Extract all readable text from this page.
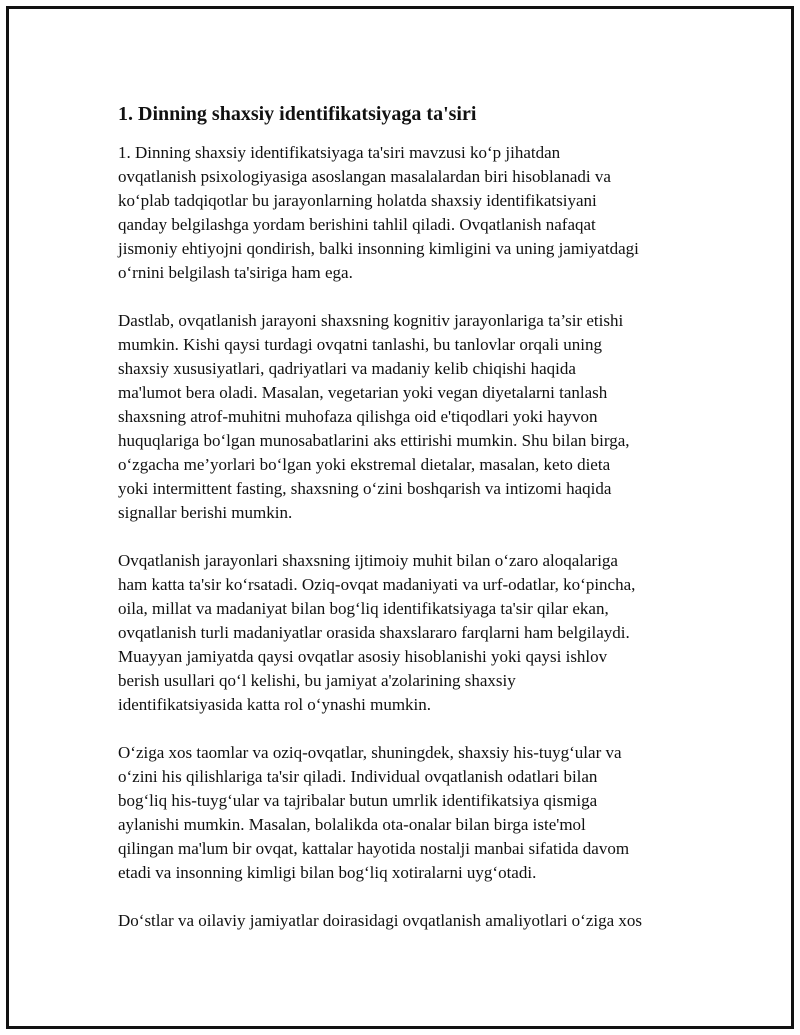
1. Dinning shaxsiy identifikatsiyaga ta'siri

1. Dinning shaxsiy identifikatsiyaga ta'siri mavzusi ko‘p jihatdan
ovqatlanish psixologiyasiga asoslangan masalalardan biri hisoblanadi va
ko‘plab tadqiqotlar bu jarayonlarning holatda shaxsiy identifikatsiyani
qanday belgilashga yordam berishini tahlil qiladi. Ovqatlanish nafaqat
jismoniy ehtiyojni qondirish, balki insonning kimligini va uning jamiyatdagi
o‘rnini belgilash ta'siriga ham ega.

Dastlab, ovqatlanish jarayoni shaxsning kognitiv jarayonlariga ta’sir etishi
mumkin. Kishi qaysi turdagi ovqatni tanlashi, bu tanlovlar orqali uning
shaxsiy xususiyatlari, qadriyatlari va madaniy kelib chiqishi haqida
ma'lumot bera oladi. Masalan, vegetarian yoki vegan diyetalarni tanlash
shaxsning atrof-muhitni muhofaza qilishga oid e'tiqodlari yoki hayvon
huquqlariga bo‘lgan munosabatlarini aks ettirishi mumkin. Shu bilan birga,
o‘zgacha me’yorlari bo‘lgan yoki ekstremal dietalar, masalan, keto dieta
yoki intermittent fasting, shaxsning o‘zini boshqarish va intizomi haqida
signallar berishi mumkin.

Ovqatlanish jarayonlari shaxsning ijtimoiy muhit bilan o‘zaro aloqalariga
ham katta ta'sir ko‘rsatadi. Oziq-ovqat madaniyati va urf-odatlar, ko‘pincha,
oila, millat va madaniyat bilan bog‘liq identifikatsiyaga ta'sir qilar ekan,
ovqatlanish turli madaniyatlar orasida shaxslararo farqlarni ham belgilaydi.
Muayyan jamiyatda qaysi ovqatlar asosiy hisoblanishi yoki qaysi ishlov
berish usullari qo‘l kelishi, bu jamiyat a'zolarining shaxsiy
identifikatsiyasida katta rol o‘ynashi mumkin.

O‘ziga xos taomlar va oziq-ovqatlar, shuningdek, shaxsiy his-tuyg‘ular va
o‘zini his qilishlariga ta'sir qiladi. Individual ovqatlanish odatlari bilan
bog‘liq his-tuyg‘ular va tajribalar butun umrlik identifikatsiya qismiga
aylanishi mumkin. Masalan, bolalikda ota-onalar bilan birga iste'mol
qilingan ma'lum bir ovqat, kattalar hayotida nostalji manbai sifatida davom
etadi va insonning kimligi bilan bog‘liq xotiralarni uyg‘otadi.

Do‘stlar va oilaviy jamiyatlar doirasidagi ovqatlanish amaliyotlari o‘ziga xos
